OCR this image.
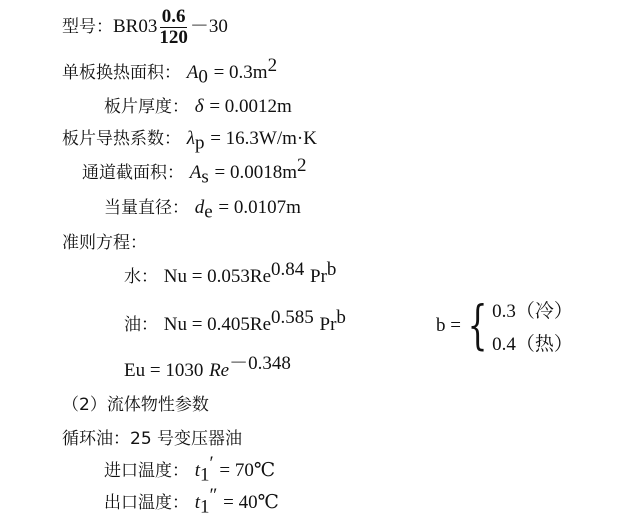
型号： $BR03 \frac{0.6}{120} -30$
单板换热面积： $A_0 = 0.3m^2$
板片厚度： δ = 0.0012m
板片导热系数： $\lambda_p = 16.3W/m\cdot K$
通道截面积： $A_s = 0.0018m^2$
当量直径： $d_e = 0.0107m$
准则方程：
水： $Nu = 0.053Re^{0.84}$ Pr$^b$
油： $Nu = 0.405Re^{0.585}$ Pr$^b$	b = { 0.3（冷）
0.4（热）
Eu = 1030 $Re^{-0.348}$
（2）流体物性参数
循环油：25 号变压器油
进口温度： $t_1'$ = 70℃
出口温度： $t_1''$ = 40℃
